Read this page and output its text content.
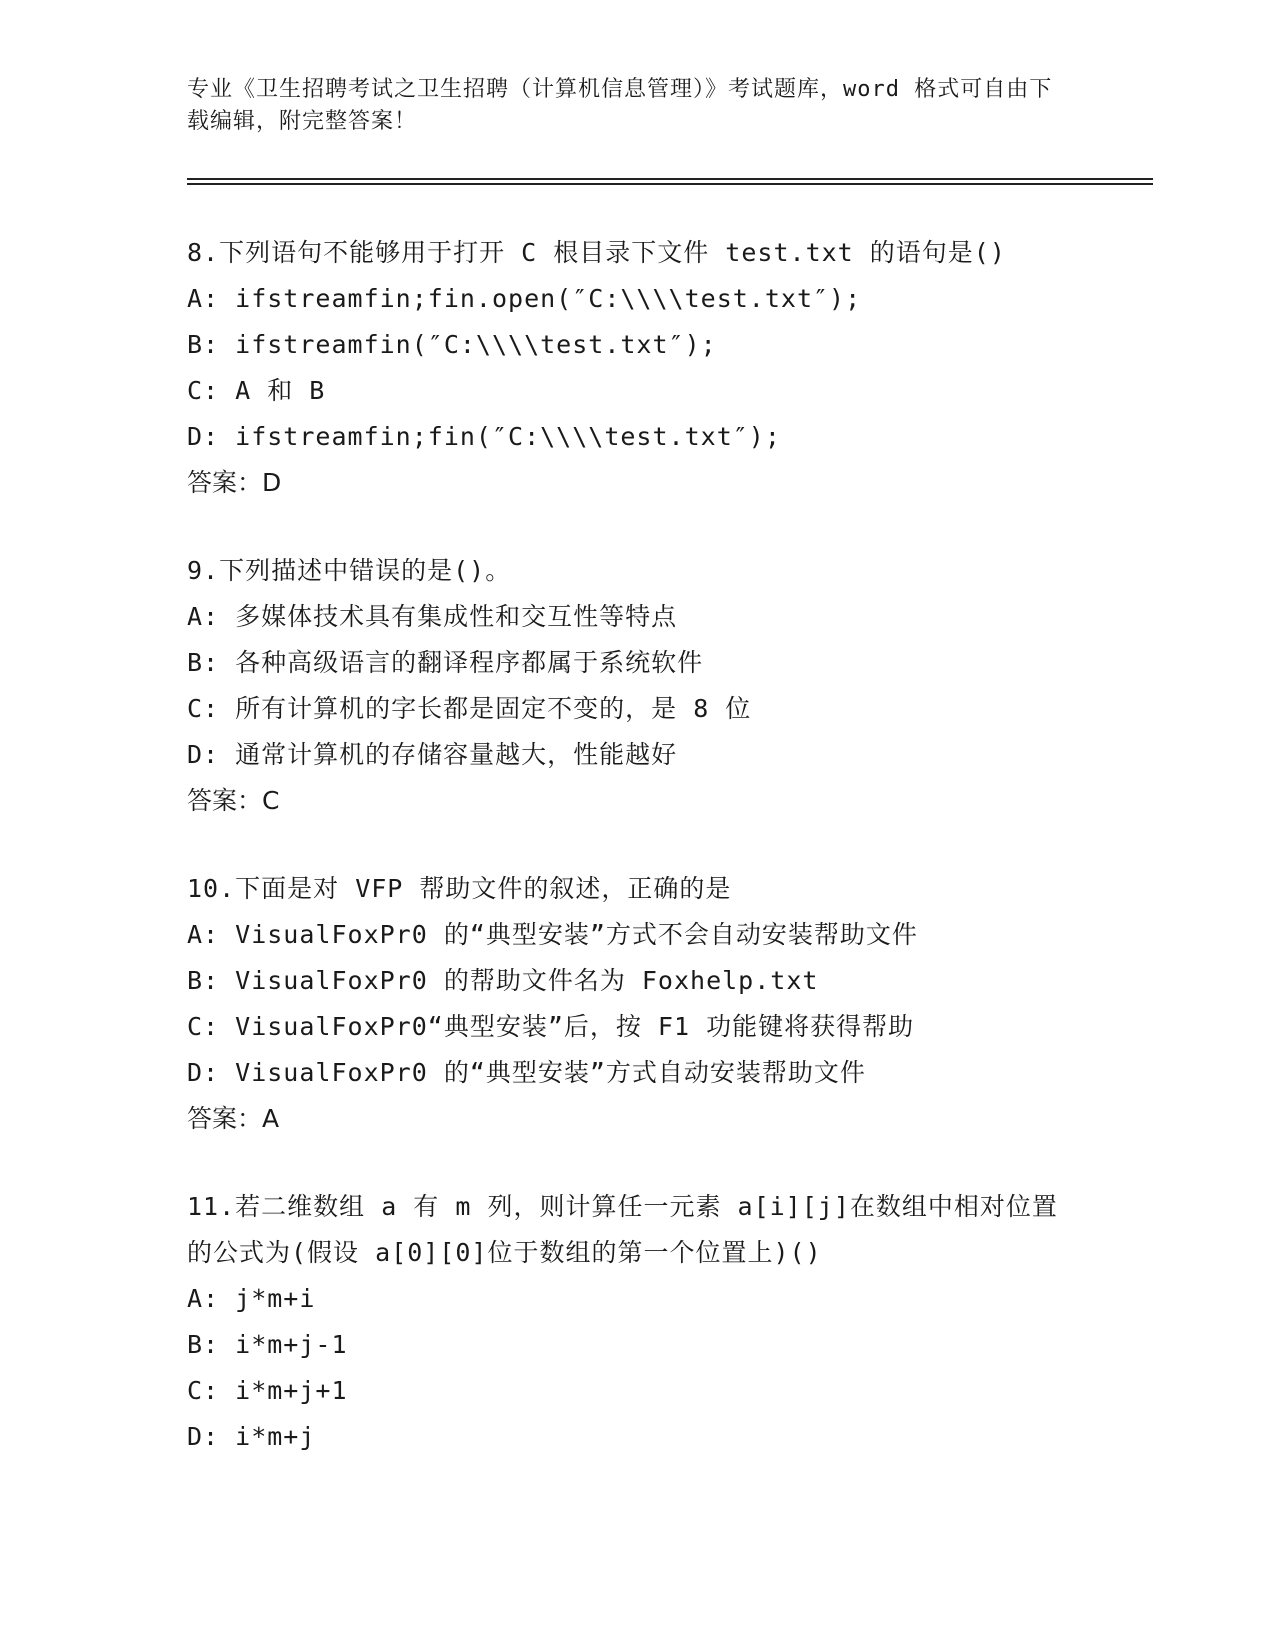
专业《卫生招聘考试之卫生招聘（计算机信息管理）》考试题库，word 格式可自由下载编辑，附完整答案！
8.下列语句不能够用于打开 C 根目录下文件 test.txt 的语句是()
A: ifstreamfin;fin.open(″C:\\\\test.txt″);
B: ifstreamfin(″C:\\\\test.txt″);
C: A 和 B
D: ifstreamfin;fin(″C:\\\\test.txt″);
答案：D
9.下列描述中错误的是()。
A: 多媒体技术具有集成性和交互性等特点
B: 各种高级语言的翻译程序都属于系统软件
C: 所有计算机的字长都是固定不变的，是 8 位
D: 通常计算机的存储容量越大，性能越好
答案：C
10.下面是对 VFP 帮助文件的叙述，正确的是
A: VisualFoxPr0 的“典型安装”方式不会自动安装帮助文件
B: VisualFoxPr0 的帮助文件名为 Foxhelp.txt
C: VisualFoxPr0“典型安装”后，按 F1 功能键将获得帮助
D: VisualFoxPr0 的“典型安装”方式自动安装帮助文件
答案：A
11.若二维数组 a 有 m 列，则计算任一元素 a[i][j]在数组中相对位置的公式为(假设 a[0][0]位于数组的第一个位置上)()
A: j*m+i
B: i*m+j-1
C: i*m+j+1
D: i*m+j
